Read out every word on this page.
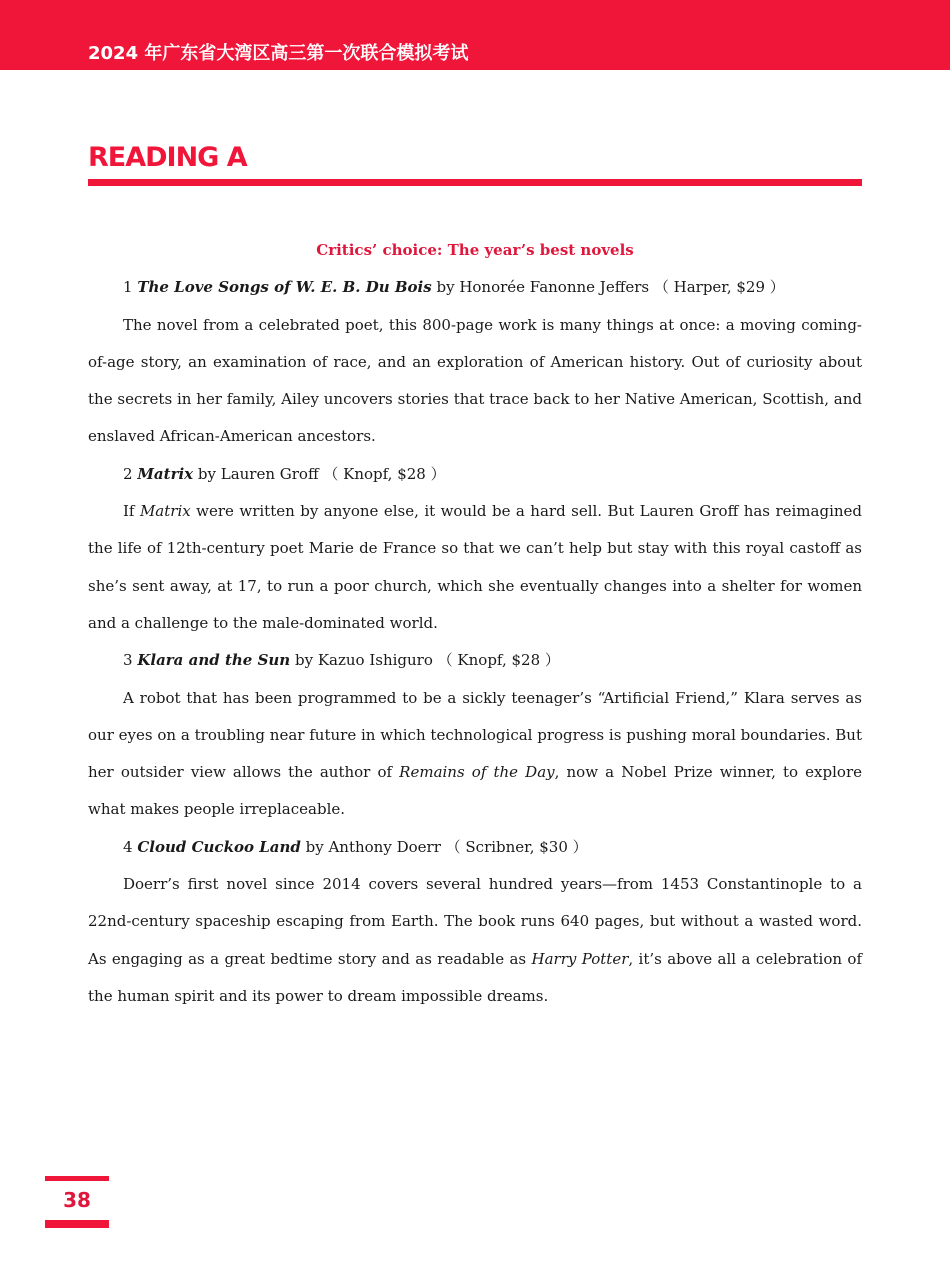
2024 年广东省大湾区高三第一次联合模拟考试
READING A

Critics’ choice: The year’s best novels

1 The Love Songs of W. E. B. Du Bois by Honorée Fanonne Jeffers （ Harper, $29 ）

The novel from a celebrated poet, this 800-page work is many things at once: a moving coming-of-age story, an examination of race, and an exploration of American history. Out of curiosity about the secrets in her family, Ailey uncovers stories that trace back to her Native American, Scottish, and enslaved African-American ancestors.

2 Matrix by Lauren Groff （ Knopf, $28 ）

If Matrix were written by anyone else, it would be a hard sell. But Lauren Groff has reimagined the life of 12th-century poet Marie de France so that we can’t help but stay with this royal castoff as she’s sent away, at 17, to run a poor church, which she eventually changes into a shelter for women and a challenge to the male-dominated world.

3 Klara and the Sun by Kazuo Ishiguro （ Knopf, $28 ）

A robot that has been programmed to be a sickly teenager’s “Artificial Friend,” Klara serves as our eyes on a troubling near future in which technological progress is pushing moral boundaries. But her outsider view allows the author of Remains of the Day, now a Nobel Prize winner, to explore what makes people irreplaceable.

4 Cloud Cuckoo Land by Anthony Doerr （ Scribner, $30 ）

Doerr’s first novel since 2014 covers several hundred years—from 1453 Constantinople to a 22nd-century spaceship escaping from Earth. The book runs 640 pages, but without a wasted word. As engaging as a great bedtime story and as readable as Harry Potter, it’s above all a celebration of the human spirit and its power to dream impossible dreams.

38
